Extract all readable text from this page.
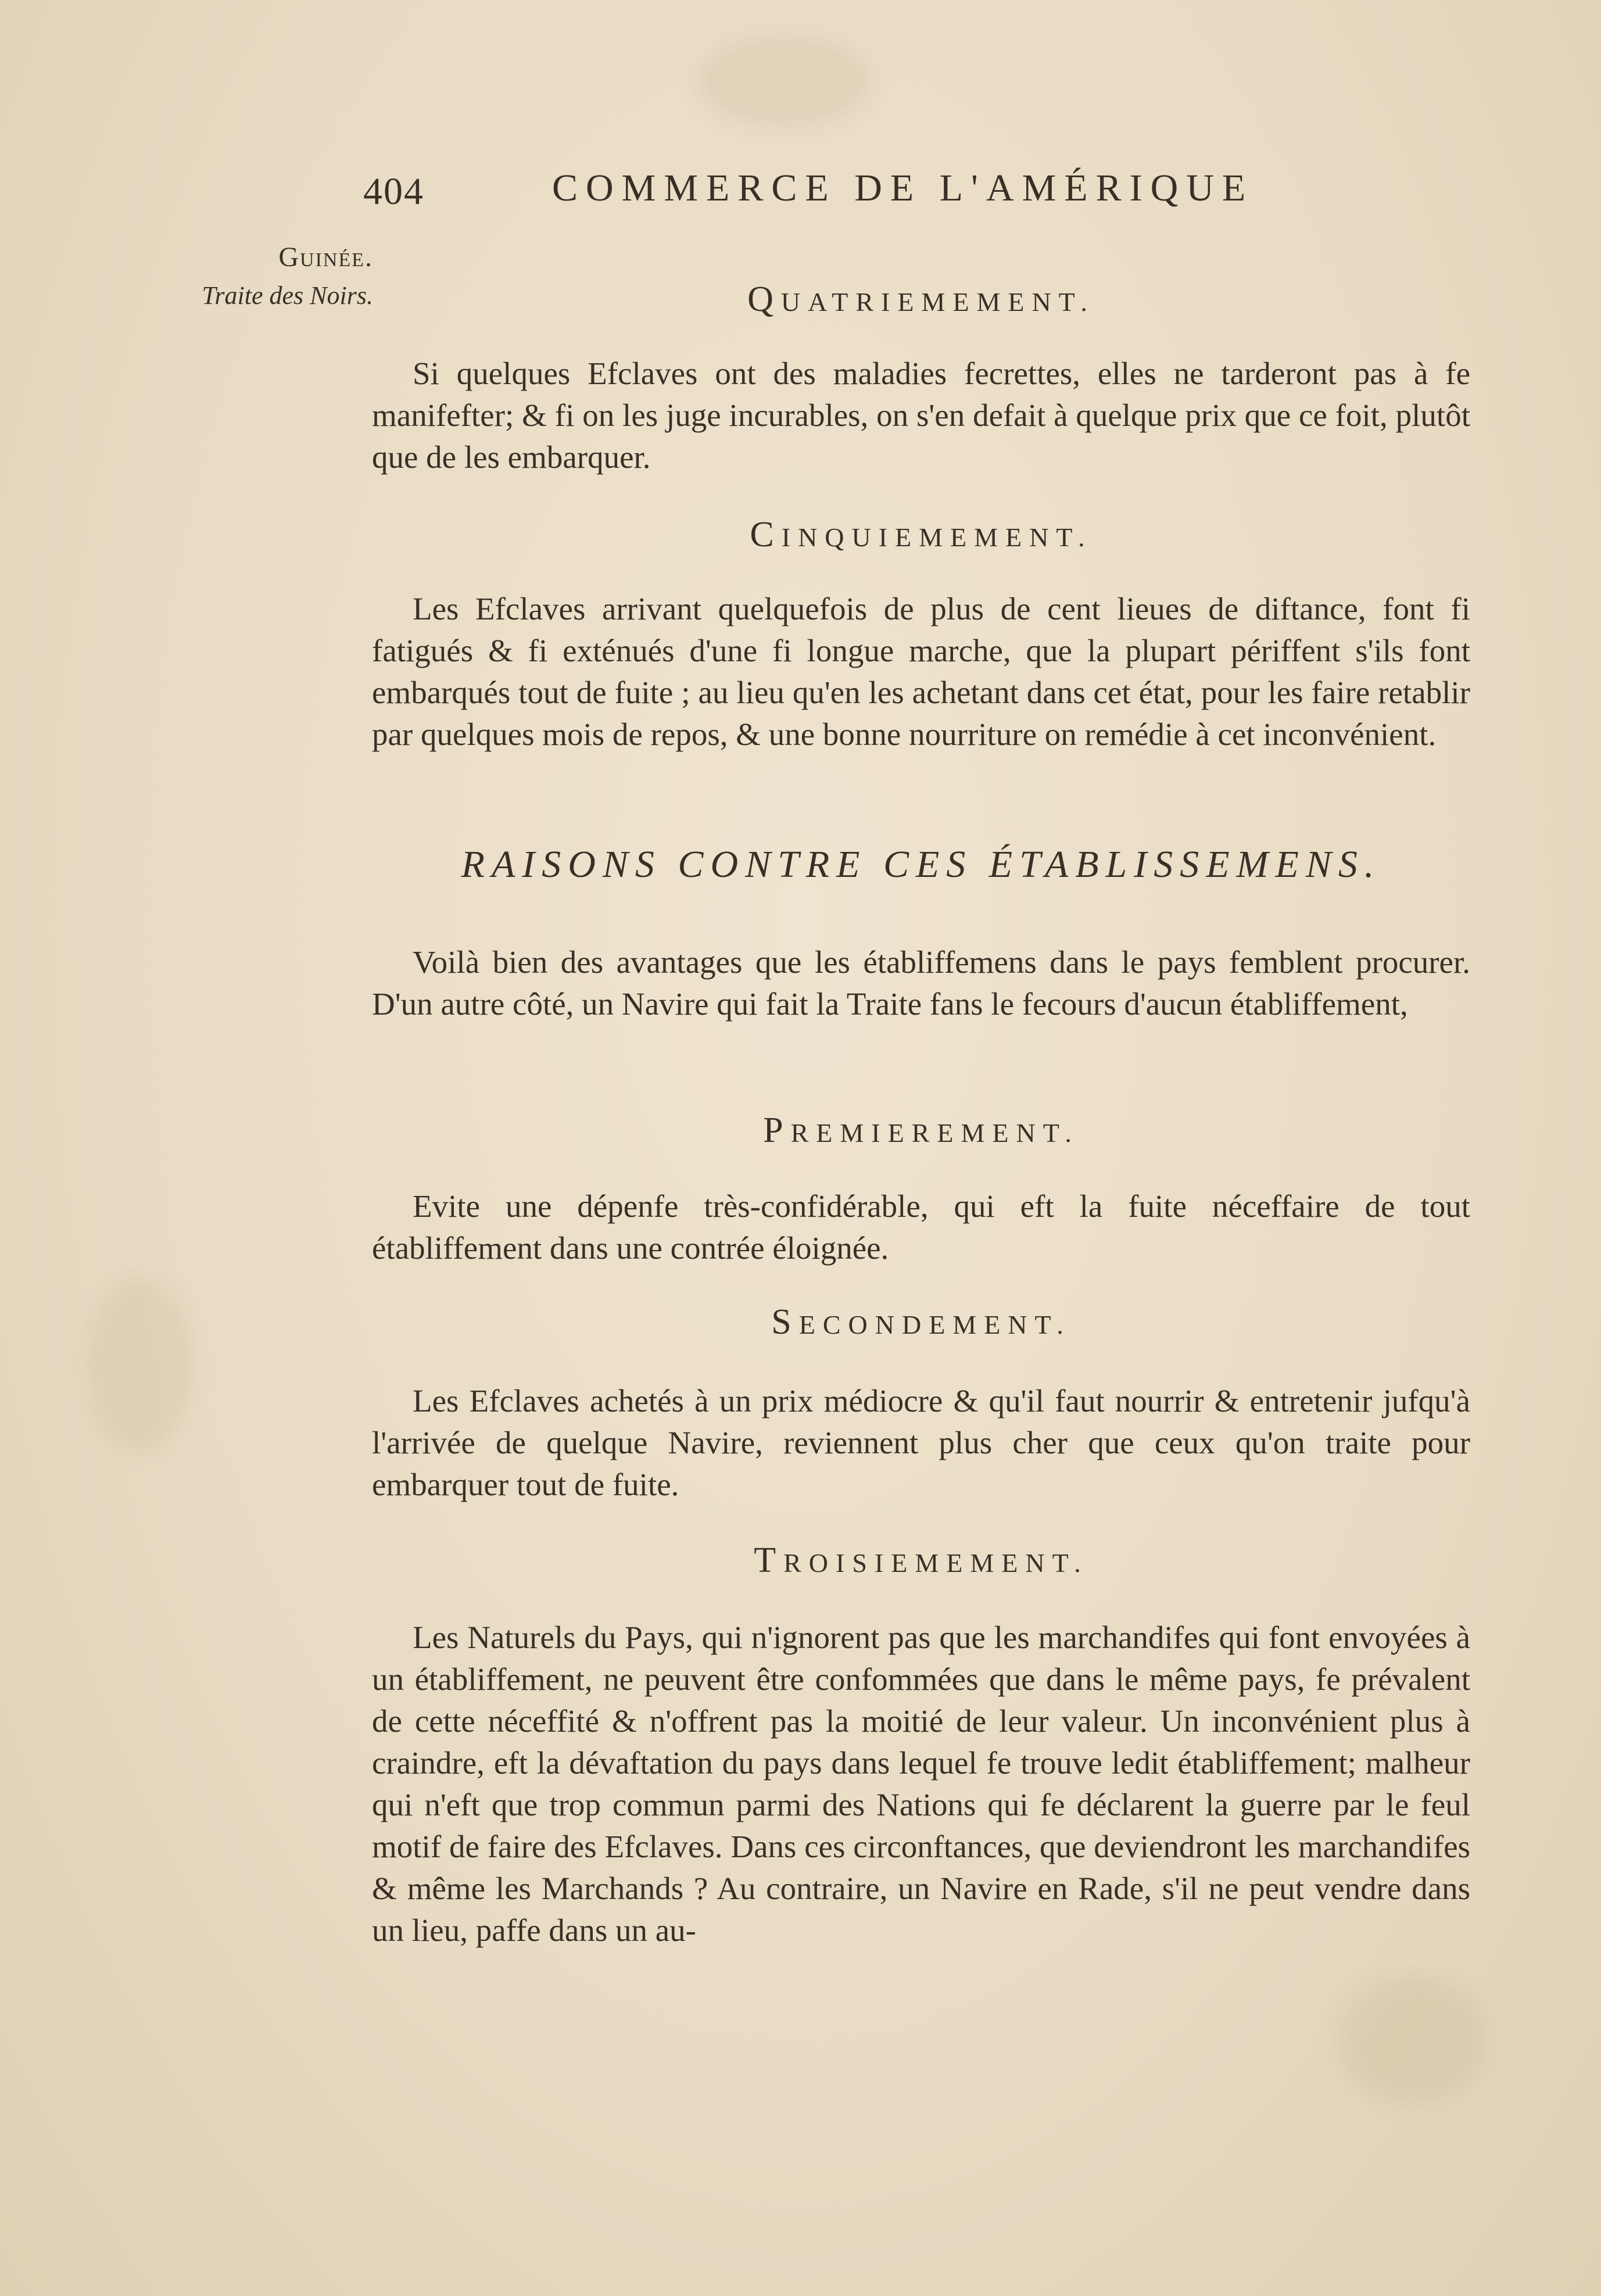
404	COMMERCE DE L'AMÉRIQUE
Guinée.
Traite des Noirs.	QUATRIEMEMENT.
Si quelques Efclaves ont des maladies fecrettes, elles ne tarderont pas à fe manifefter; & fi on les juge incurables, on s'en defait à quelque prix que ce foit, plutôt que de les embarquer.
CINQUIEMEMENT.
Les Efclaves arrivant quelquefois de plus de cent lieues de diftance, font fi fatigués & fi exténués d'une fi longue marche, que la plupart périffent s'ils font embarqués tout de fuite ; au lieu qu'en les achetant dans cet état, pour les faire retablir par quelques mois de repos, & une bonne nourriture on remédie à cet inconvénient.
RAISONS CONTRE CES ÉTABLISSEMENS.
Voilà bien des avantages que les établiffemens dans le pays femblent procurer. D'un autre côté, un Navire qui fait la Traite fans le fecours d'aucun établiffement,
PREMIEREMENT.
Evite une dépenfe très-confidérable, qui eft la fuite néceffaire de tout établiffement dans une contrée éloignée.
SECONDEMENT.
Les Efclaves achetés à un prix médiocre & qu'il faut nourrir & entretenir jufqu'à l'arrivée de quelque Navire, reviennent plus cher que ceux qu'on traite pour embarquer tout de fuite.
TROISIEMEMENT.
Les Naturels du Pays, qui n'ignorent pas que les marchandifes qui font envoyées à un établiffement, ne peuvent être confommées que dans le même pays, fe prévalent de cette néceffité & n'offrent pas la moitié de leur valeur. Un inconvénient plus à craindre, eft la dévaftation du pays dans lequel fe trouve ledit établiffement; malheur qui n'eft que trop commun parmi des Nations qui fe déclarent la guerre par le feul motif de faire des Efclaves. Dans ces circonftances, que deviendront les marchandifes & même les Marchands ? Au contraire, un Navire en Rade, s'il ne peut vendre dans un lieu, paffe dans un au-
